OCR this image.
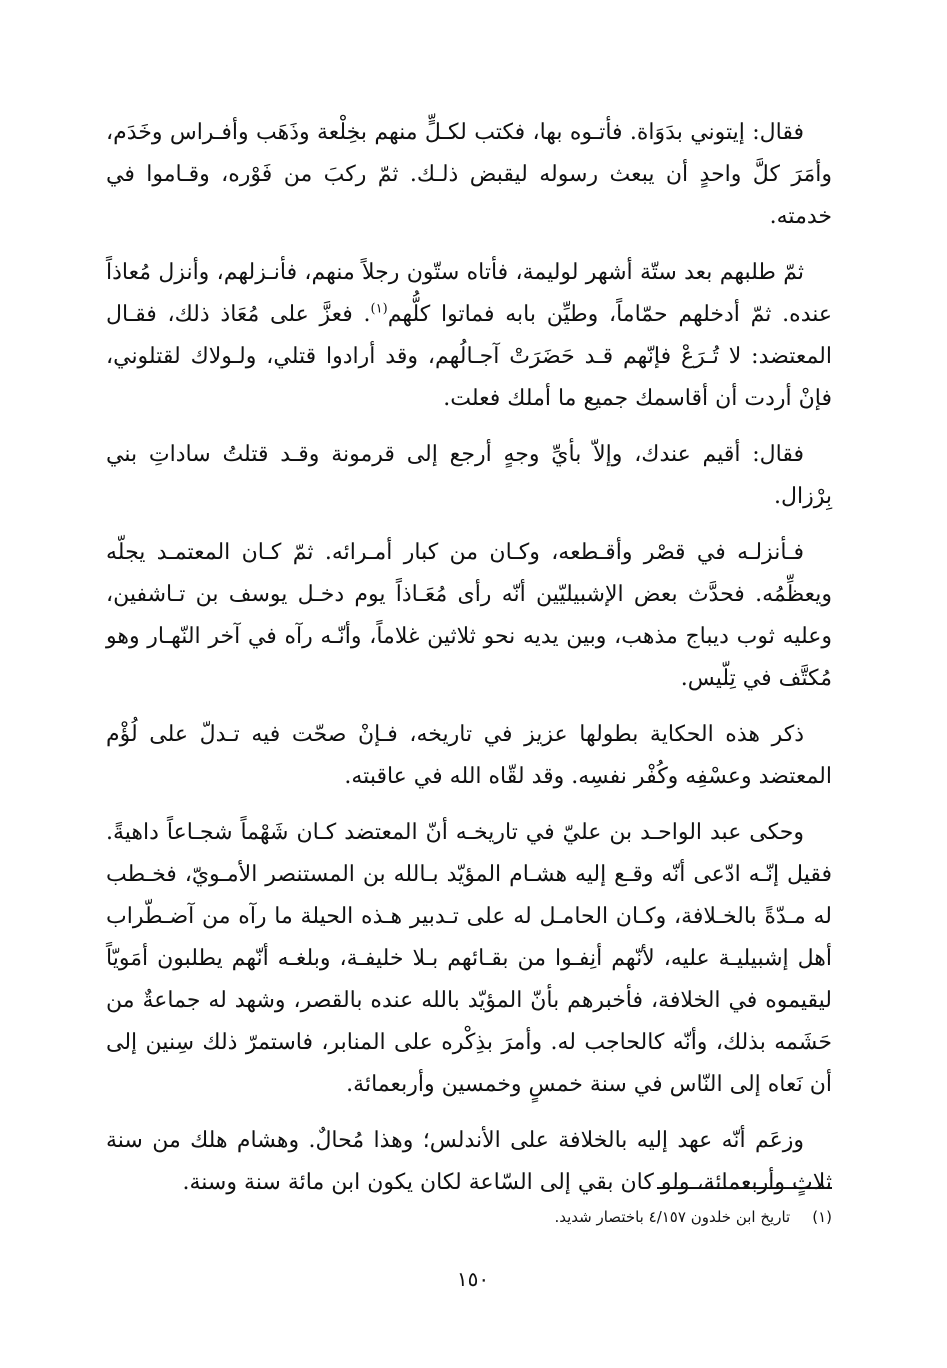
فقال: إيتوني بدَوَاة. فأتـوه بها، فكتب لكـلٍّ منهم بخِلْعة وذَهَب وأفـراس وخَدَم، وأمَرَ كلَّ واحدٍ أن يبعث رسوله ليقبض ذلـك. ثمّ ركبَ من فَوْره، وقـاموا في خدمته.

ثمّ طلبهم بعد ستّة أشهر لوليمة، فأتاه ستّون رجلاً منهم، فأنـزلهم، وأنزل مُعاذاً عنده. ثمّ أدخلهم حمّاماً، وطيِّن بابه فماتوا كلُّهم$^{(١)}$. فعزَّ على مُعَاذ ذلك، فقـال المعتضد: لا تُـرَعْ فإنّهم قـد حَضَرَتْ آجـالُهم، وقد أرادوا قتلي، ولـولاك لقتلوني، فإنْ أردت أن أقاسمك جميع ما أملك فعلت.

فقال: أقيم عندك، وإلاّ بأيِّ وجهٍ أرجع إلى قرمونة وقـد قتلتُ ساداتِ بني بِرْزال.

فـأنزلـه في قصْر وأقـطعه، وكـان من كبار أمـرائه. ثمّ كـان المعتمـد يجلّه ويعظِّمُه. فحدَّث بعض الإشبيليّين أنّه رأى مُعَـاذاً يوم دخـل يوسف بن تـاشفين، وعليه ثوب ديباج مذهب، وبين يديه نحو ثلاثين غلاماً، وأنّـه رآه في آخر النّهـار وهو مُكتَّف في تِلّيس.

ذكر هذه الحكاية بطولها عزيز في تاريخه، فـإنْ صحّت فيه تـدلّ على لُؤْم المعتضد وعسْفِه وكُفْر نفسِه. وقد لقّاه الله في عاقبته.

وحكى عبد الواحـد بن عليّ في تاريخـه أنّ المعتضد كـان شَهْماً شجـاعاً داهيةً. فقيل إنّـه ادّعى أنّه وقـع إليه هشـام المؤيّد بـالله بن المستنصر الأمـويّ، فخـطب له مـدّةً بالخـلافة، وكـان الحامـل له على تـدبير هـذه الحيلة ما رآه من آضـطّراب أهل إشبيليـة عليه، لأنّهم أنِفـوا من بقـائهم بـلا خليفـة، وبلغـه أنّهم يطلبون أمَويّاً ليقيموه في الخلافة، فأخبرهم بأنّ المؤيّد بالله عنده بالقصر، وشهد له جماعةٌ من حَشَمه بذلك، وأنّه كالحاجب له. وأمرَ بذِكْره على المنابر، فاستمرّ ذلك سِنين إلى أن نَعاه إلى النّاس في سنة خمسٍ وخمسين وأربعمائة.

وزعَم أنّه عهد إليه بالخلافة على الأندلس؛ وهذا مُحالٌ. وهشام هلك من سنة ثلاثٍ وأربعمائة، ولو كان بقي إلى السّاعة لكان يكون ابن مائة سنة وسنة.

(١)تاريخ ابن خلدون ٤/١٥٧ باختصار شديد.
١٥٠
